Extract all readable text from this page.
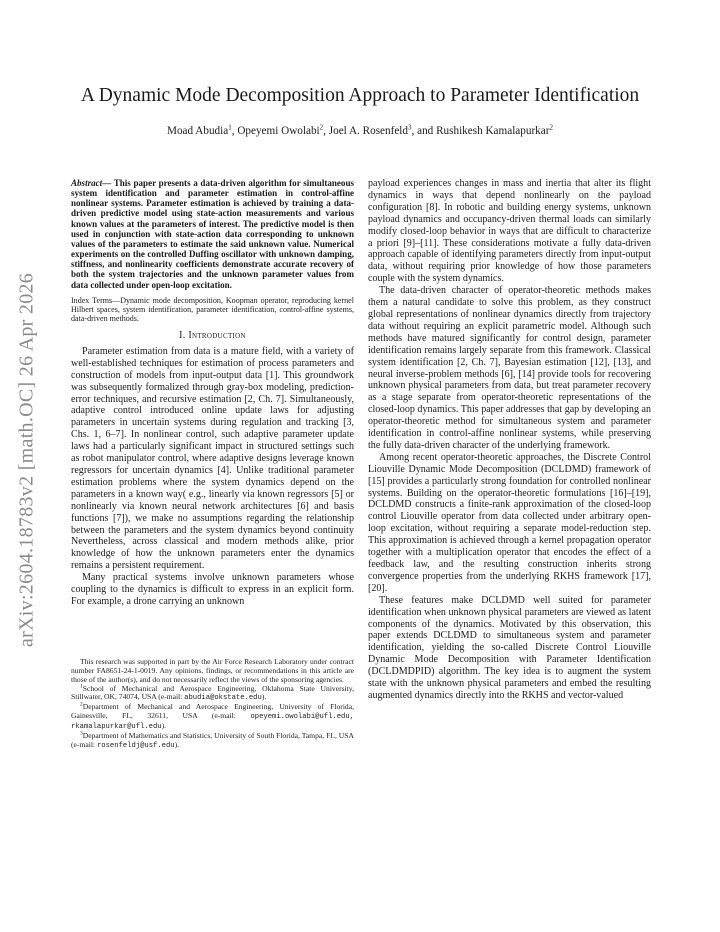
arXiv:2604.18783v2 [math.OC] 26 Apr 2026
A Dynamic Mode Decomposition Approach to Parameter Identification
Moad Abudia$^1$, Opeyemi Owolabi$^2$, Joel A. Rosenfeld$^3$, and Rushikesh Kamalapurkar$^2$

Abstract— This paper presents a data-driven algorithm for simultaneous system identification and parameter estimation in control-affine nonlinear systems. Parameter estimation is achieved by training a data-driven predictive model using state-action measurements and various known values at the parameters of interest. The predictive model is then used in conjunction with state-action data corresponding to unknown values of the parameters to estimate the said unknown value. Numerical experiments on the controlled Duffing oscillator with unknown damping, stiffness, and nonlinearity coefficients demonstrate accurate recovery of both the system trajectories and the unknown parameter values from data collected under open-loop excitation.

Index Terms—Dynamic mode decomposition, Koopman operator, reproducing kernel Hilbert spaces, system identification, parameter identification, control-affine systems, data-driven methods.

I. Introduction

Parameter estimation from data is a mature field, with a variety of well-established techniques for estimation of process parameters and construction of models from input-output data [1]. This groundwork was subsequently formalized through gray-box modeling, prediction-error techniques, and recursive estimation [2, Ch. 7]. Simultaneously, adaptive control introduced online update laws for adjusting parameters in uncertain systems during regulation and tracking [3, Chs. 1, 6–7]. In nonlinear control, such adaptive parameter update laws had a particularly significant impact in structured settings such as robot manipulator control, where adaptive designs leverage known regressors for uncertain dynamics [4]. Unlike traditional parameter estimation problems where the system dynamics depend on the parameters in a known way( e.g., linearly via known regressors [5] or nonlinearly via known neural network architectures [6] and basis functions [7]), we make no assumptions regarding the relationship between the parameters and the system dynamics beyond continuity Nevertheless, across classical and modern methods alike, prior knowledge of how the unknown parameters enter the dynamics remains a persistent requirement.

Many practical systems involve unknown parameters whose coupling to the dynamics is difficult to express in an explicit form. For example, a drone carrying an unknown

payload experiences changes in mass and inertia that alter its flight dynamics in ways that depend nonlinearly on the payload configuration [8]. In robotic and building energy systems, unknown payload dynamics and occupancy-driven thermal loads can similarly modify closed-loop behavior in ways that are difficult to characterize a priori [9]–[11]. These considerations motivate a fully data-driven approach capable of identifying parameters directly from input-output data, without requiring prior knowledge of how those parameters couple with the system dynamics.

The data-driven character of operator-theoretic methods makes them a natural candidate to solve this problem, as they construct global representations of nonlinear dynamics directly from trajectory data without requiring an explicit parametric model. Although such methods have matured significantly for control design, parameter identification remains largely separate from this framework. Classical system identification [2, Ch. 7], Bayesian estimation [12], [13], and neural inverse-problem methods [6], [14] provide tools for recovering unknown physical parameters from data, but treat parameter recovery as a stage separate from operator-theoretic representations of the closed-loop dynamics. This paper addresses that gap by developing an operator-theoretic method for simultaneous system and parameter identification in control-affine nonlinear systems, while preserving the fully data-driven character of the underlying framework.

Among recent operator-theoretic approaches, the Discrete Control Liouville Dynamic Mode Decomposition (DCLDMD) framework of [15] provides a particularly strong foundation for controlled nonlinear systems. Building on the operator-theoretic formulations [16]–[19], DCLDMD constructs a finite-rank approximation of the closed-loop control Liouville operator from data collected under arbitrary open-loop excitation, without requiring a separate model-reduction step. This approximation is achieved through a kernel propagation operator together with a multiplication operator that encodes the effect of a feedback law, and the resulting construction inherits strong convergence properties from the underlying RKHS framework [17], [20].

These features make DCLDMD well suited for parameter identification when unknown physical parameters are viewed as latent components of the dynamics. Motivated by this observation, this paper extends DCLDMD to simultaneous system and parameter identification, yielding the so-called Discrete Control Liouville Dynamic Mode Decomposition with Parameter Identification (DCLDMDPID) algorithm. The key idea is to augment the system state with the unknown physical parameters and embed the resulting augmented dynamics directly into the RKHS and vector-valued

This research was supported in part by the Air Force Research Laboratory under contract number FA8651-24-1-0019. Any opinions, findings, or recommendations in this article are those of the author(s), and do not necessarily reflect the views of the sponsoring agencies.

$^1$School of Mechanical and Aerospace Engineering, Oklahoma State University, Stillwater, OK, 74074, USA (e-mail: abudia@okstate.edu).

$^2$Department of Mechanical and Aerospace Engineering, University of Florida, Gainesville, FL, 32611, USA (e-mail: opeyemi.owolabi@ufl.edu, rkamalapurkar@ufl.edu).

$^3$Department of Mathematics and Statistics, University of South Florida, Tampa, FL, USA (e-mail: rosenfeldj@usf.edu).
